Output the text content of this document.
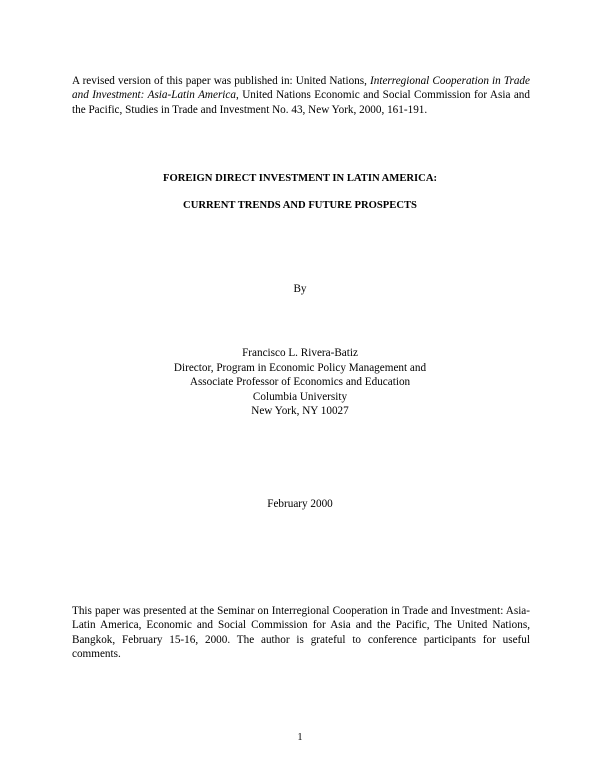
A revised version of this paper was published in: United Nations, Interregional Cooperation in Trade and Investment: Asia-Latin America, United Nations Economic and Social Commission for Asia and the Pacific, Studies in Trade and Investment No. 43, New York, 2000, 161-191.
FOREIGN DIRECT INVESTMENT IN LATIN AMERICA:
CURRENT TRENDS AND FUTURE PROSPECTS
By
Francisco L. Rivera-Batiz
Director, Program in Economic Policy Management and
Associate Professor of Economics and Education
Columbia University
New York, NY 10027
February 2000
This paper was presented at the Seminar on Interregional Cooperation in Trade and Investment: Asia-Latin America, Economic and Social Commission for Asia and the Pacific, The United Nations, Bangkok, February 15-16, 2000. The author is grateful to conference participants for useful comments.
1
